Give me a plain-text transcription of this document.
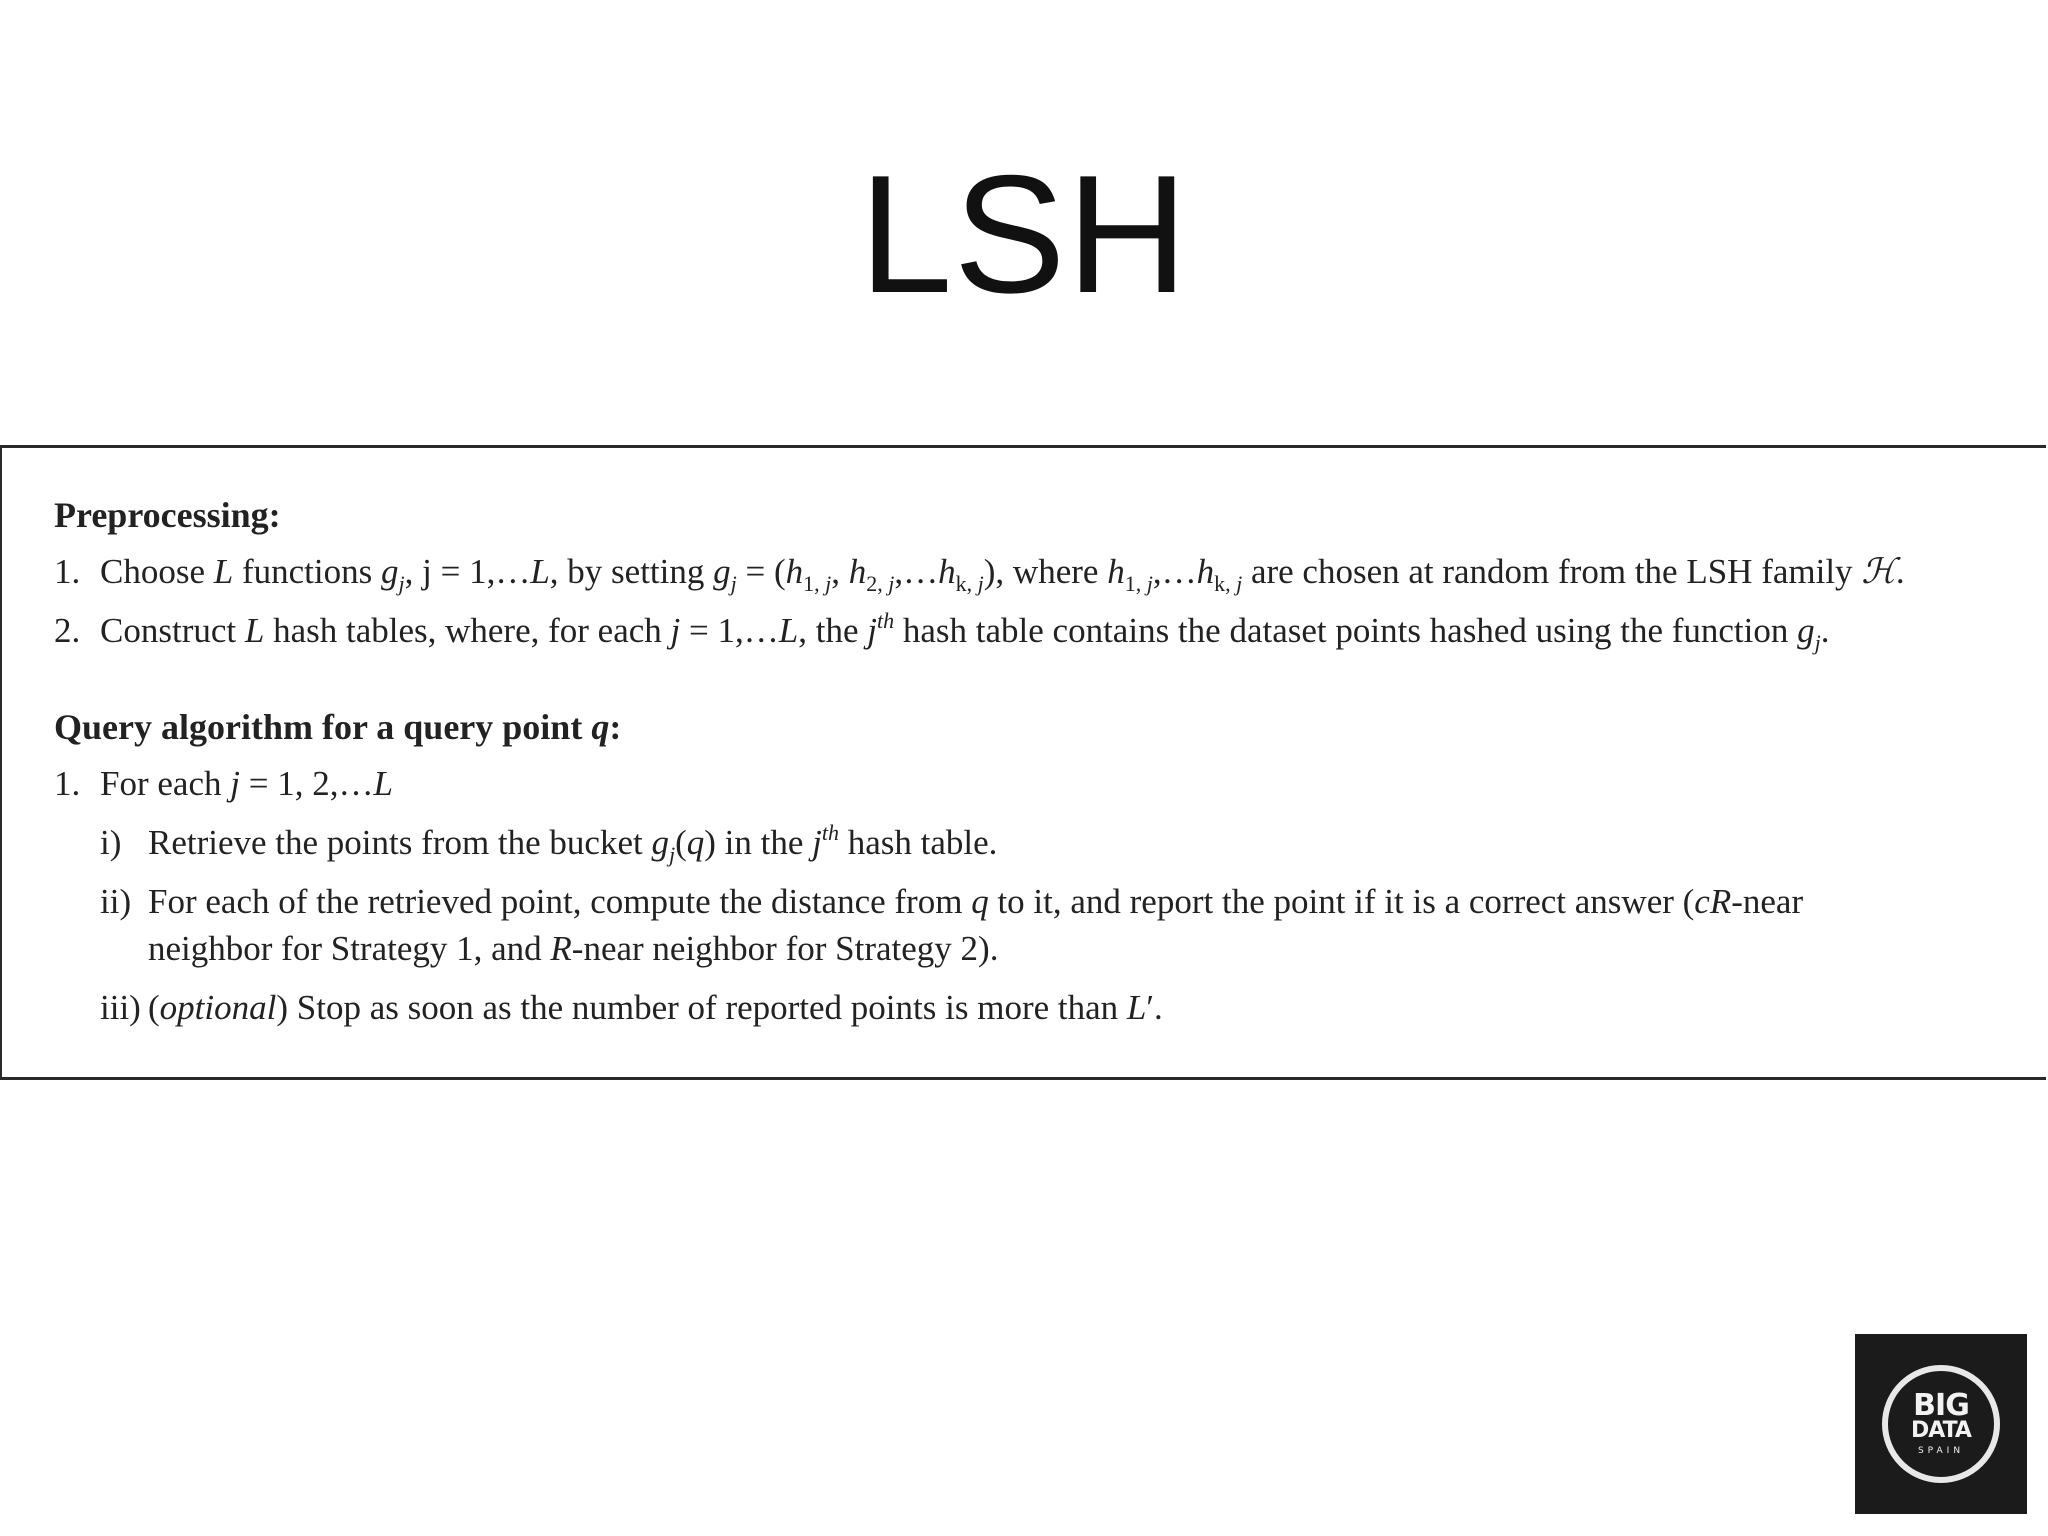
LSH
Preprocessing:
1. Choose L functions $g_j$, j = 1,…L, by setting $g_j = (h_{1, j}$, $h_{2, j},\dots h_{k, j}$), where $h_{1, j},\dots h_{k, j}$ are chosen at random from the LSH family ℋ.
2. Construct L hash tables, where, for each j = 1,…L, the $j^{th}$ hash table contains the dataset points hashed using the function $g_j$.
Query algorithm for a query point q:
1. For each j = 1, 2,…L
i) Retrieve the points from the bucket $g_j(q)$ in the $j^{th}$ hash table.
ii) For each of the retrieved point, compute the distance from q to it, and report the point if it is a correct answer (cR-near
neighbor for Strategy 1, and R-near neighbor for Strategy 2).
iii) (optional) Stop as soon as the number of reported points is more than L′.
BIG
DATA
SPAIN
